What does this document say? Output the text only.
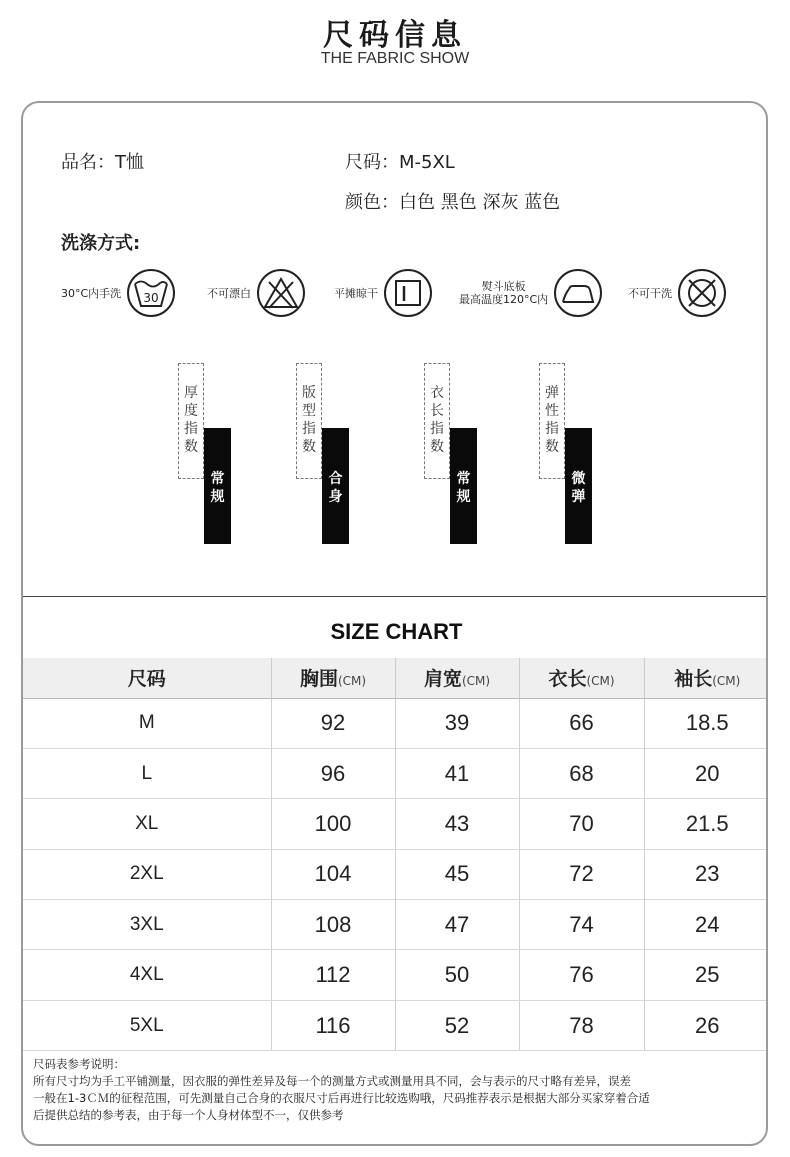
尺码信息
THE FABRIC SHOW
品名：T恤	尺码：M-5XL
颜色：白色 黑色 深灰 蓝色
洗涤方式:
30°C内手洗 30	不可漂白	平摊晾干	熨斗底板
最高温度120°C内	不可干洗
厚
度
指
数
常
规
版
型
指
数
合
身
衣
长
指
数
常
规
弹
性
指
数
微
弹
SIZE CHART
尺码	胸围(CM)	肩宽(CM)	衣长(CM)	袖长(CM)
M	92	39	66	18.5
L	96	41	68	20
XL	100	43	70	21.5
2XL	104	45	72	23
3XL	108	47	74	24
4XL	112	50	76	25
5XL	116	52	78	26

尺码表参考说明：

所有尺寸均为手工平铺测量，因衣服的弹性差异及每一个的测量方式或测量用具不同，会与表示的尺寸略有差异，误差

一般在1-3ＣＭ的征程范围，可先测量自己合身的衣服尺寸后再进行比较选购哦，尺码推荐表示是根据大部分买家穿着合适

后提供总结的参考表，由于每一个人身材体型不一，仅供参考
